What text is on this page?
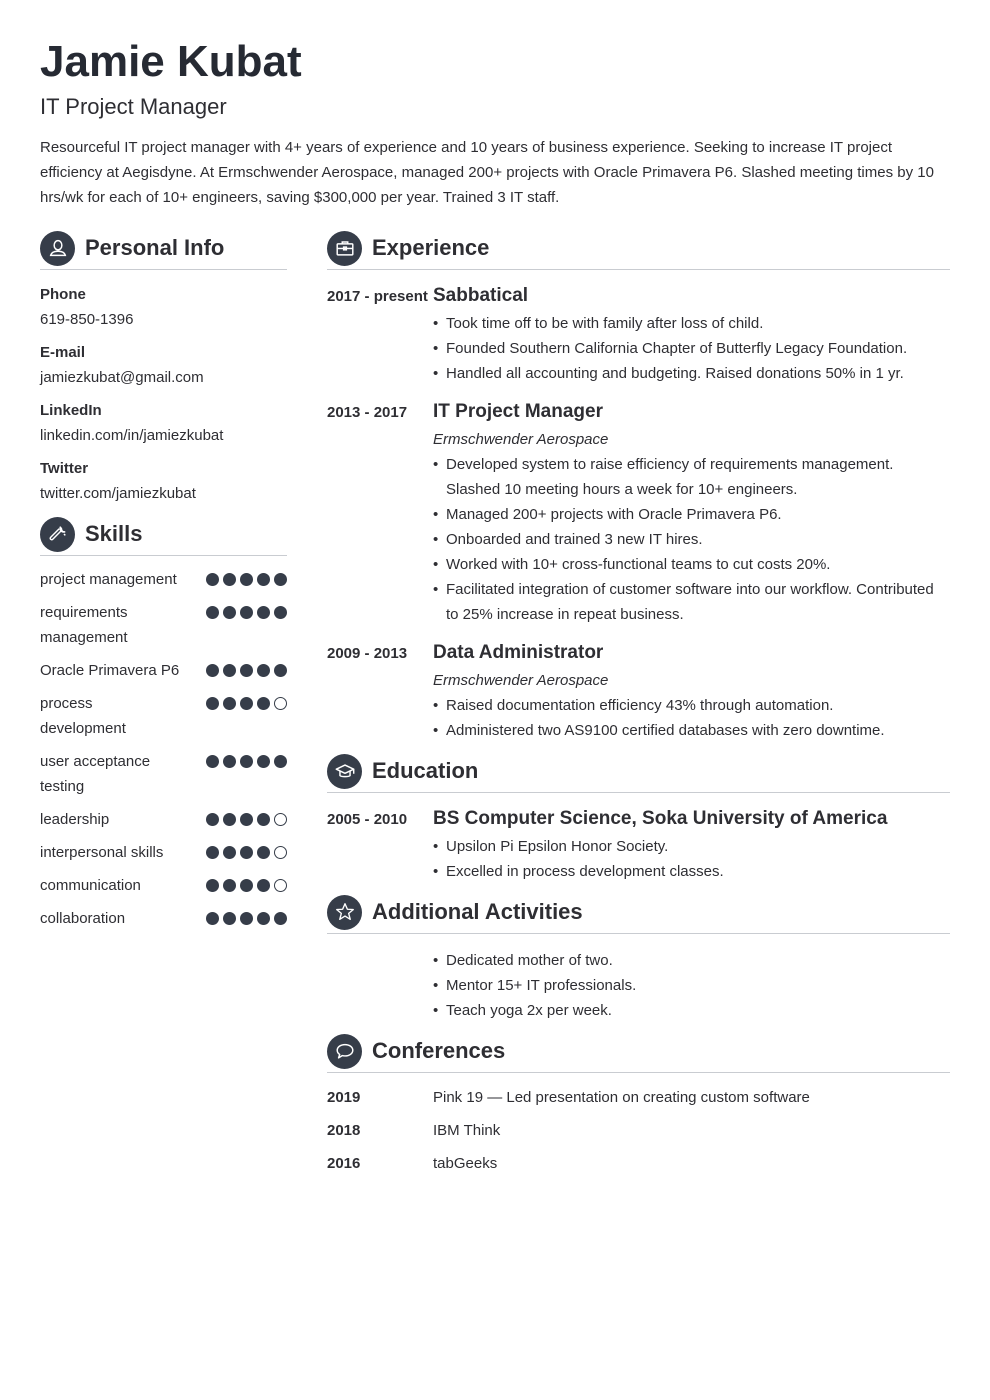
Jamie Kubat
IT Project Manager
Resourceful IT project manager with 4+ years of experience and 10 years of business experience. Seeking to increase IT project efficiency at Aegisdyne. At Ermschwender Aerospace, managed 200+ projects with Oracle Primavera P6. Slashed meeting times by 10 hrs/wk for each of 10+ engineers, saving $300,000 per year. Trained 3 IT staff.
Personal Info
Phone
619-850-1396
E-mail
jamiezkubat@gmail.com
LinkedIn
linkedin.com/in/jamiezkubat
Twitter
twitter.com/jamiezkubat
Skills
project management
requirements management
Oracle Primavera P6
process development
user acceptance testing
leadership
interpersonal skills
communication
collaboration
Experience
2017 - present Sabbatical
• Took time off to be with family after loss of child.
• Founded Southern California Chapter of Butterfly Legacy Foundation.
• Handled all accounting and budgeting. Raised donations 50% in 1 yr.
2013 - 2017	IT Project Manager
Ermschwender Aerospace
• Developed system to raise efficiency of requirements management. Slashed 10 meeting hours a week for 10+ engineers.
• Managed 200+ projects with Oracle Primavera P6.
• Onboarded and trained 3 new IT hires.
• Worked with 10+ cross-functional teams to cut costs 20%.
• Facilitated integration of customer software into our workflow. Contributed to 25% increase in repeat business.
2009 - 2013	Data Administrator
Ermschwender Aerospace
• Raised documentation efficiency 43% through automation.
• Administered two AS9100 certified databases with zero downtime.
Education
2005 - 2010	BS Computer Science, Soka University of America
• Upsilon Pi Epsilon Honor Society.
• Excelled in process development classes.
Additional Activities
• Dedicated mother of two.
• Mentor 15+ IT professionals.
• Teach yoga 2x per week.
Conferences
2019	Pink 19 — Led presentation on creating custom software
2018	IBM Think
2016	tabGeeks
